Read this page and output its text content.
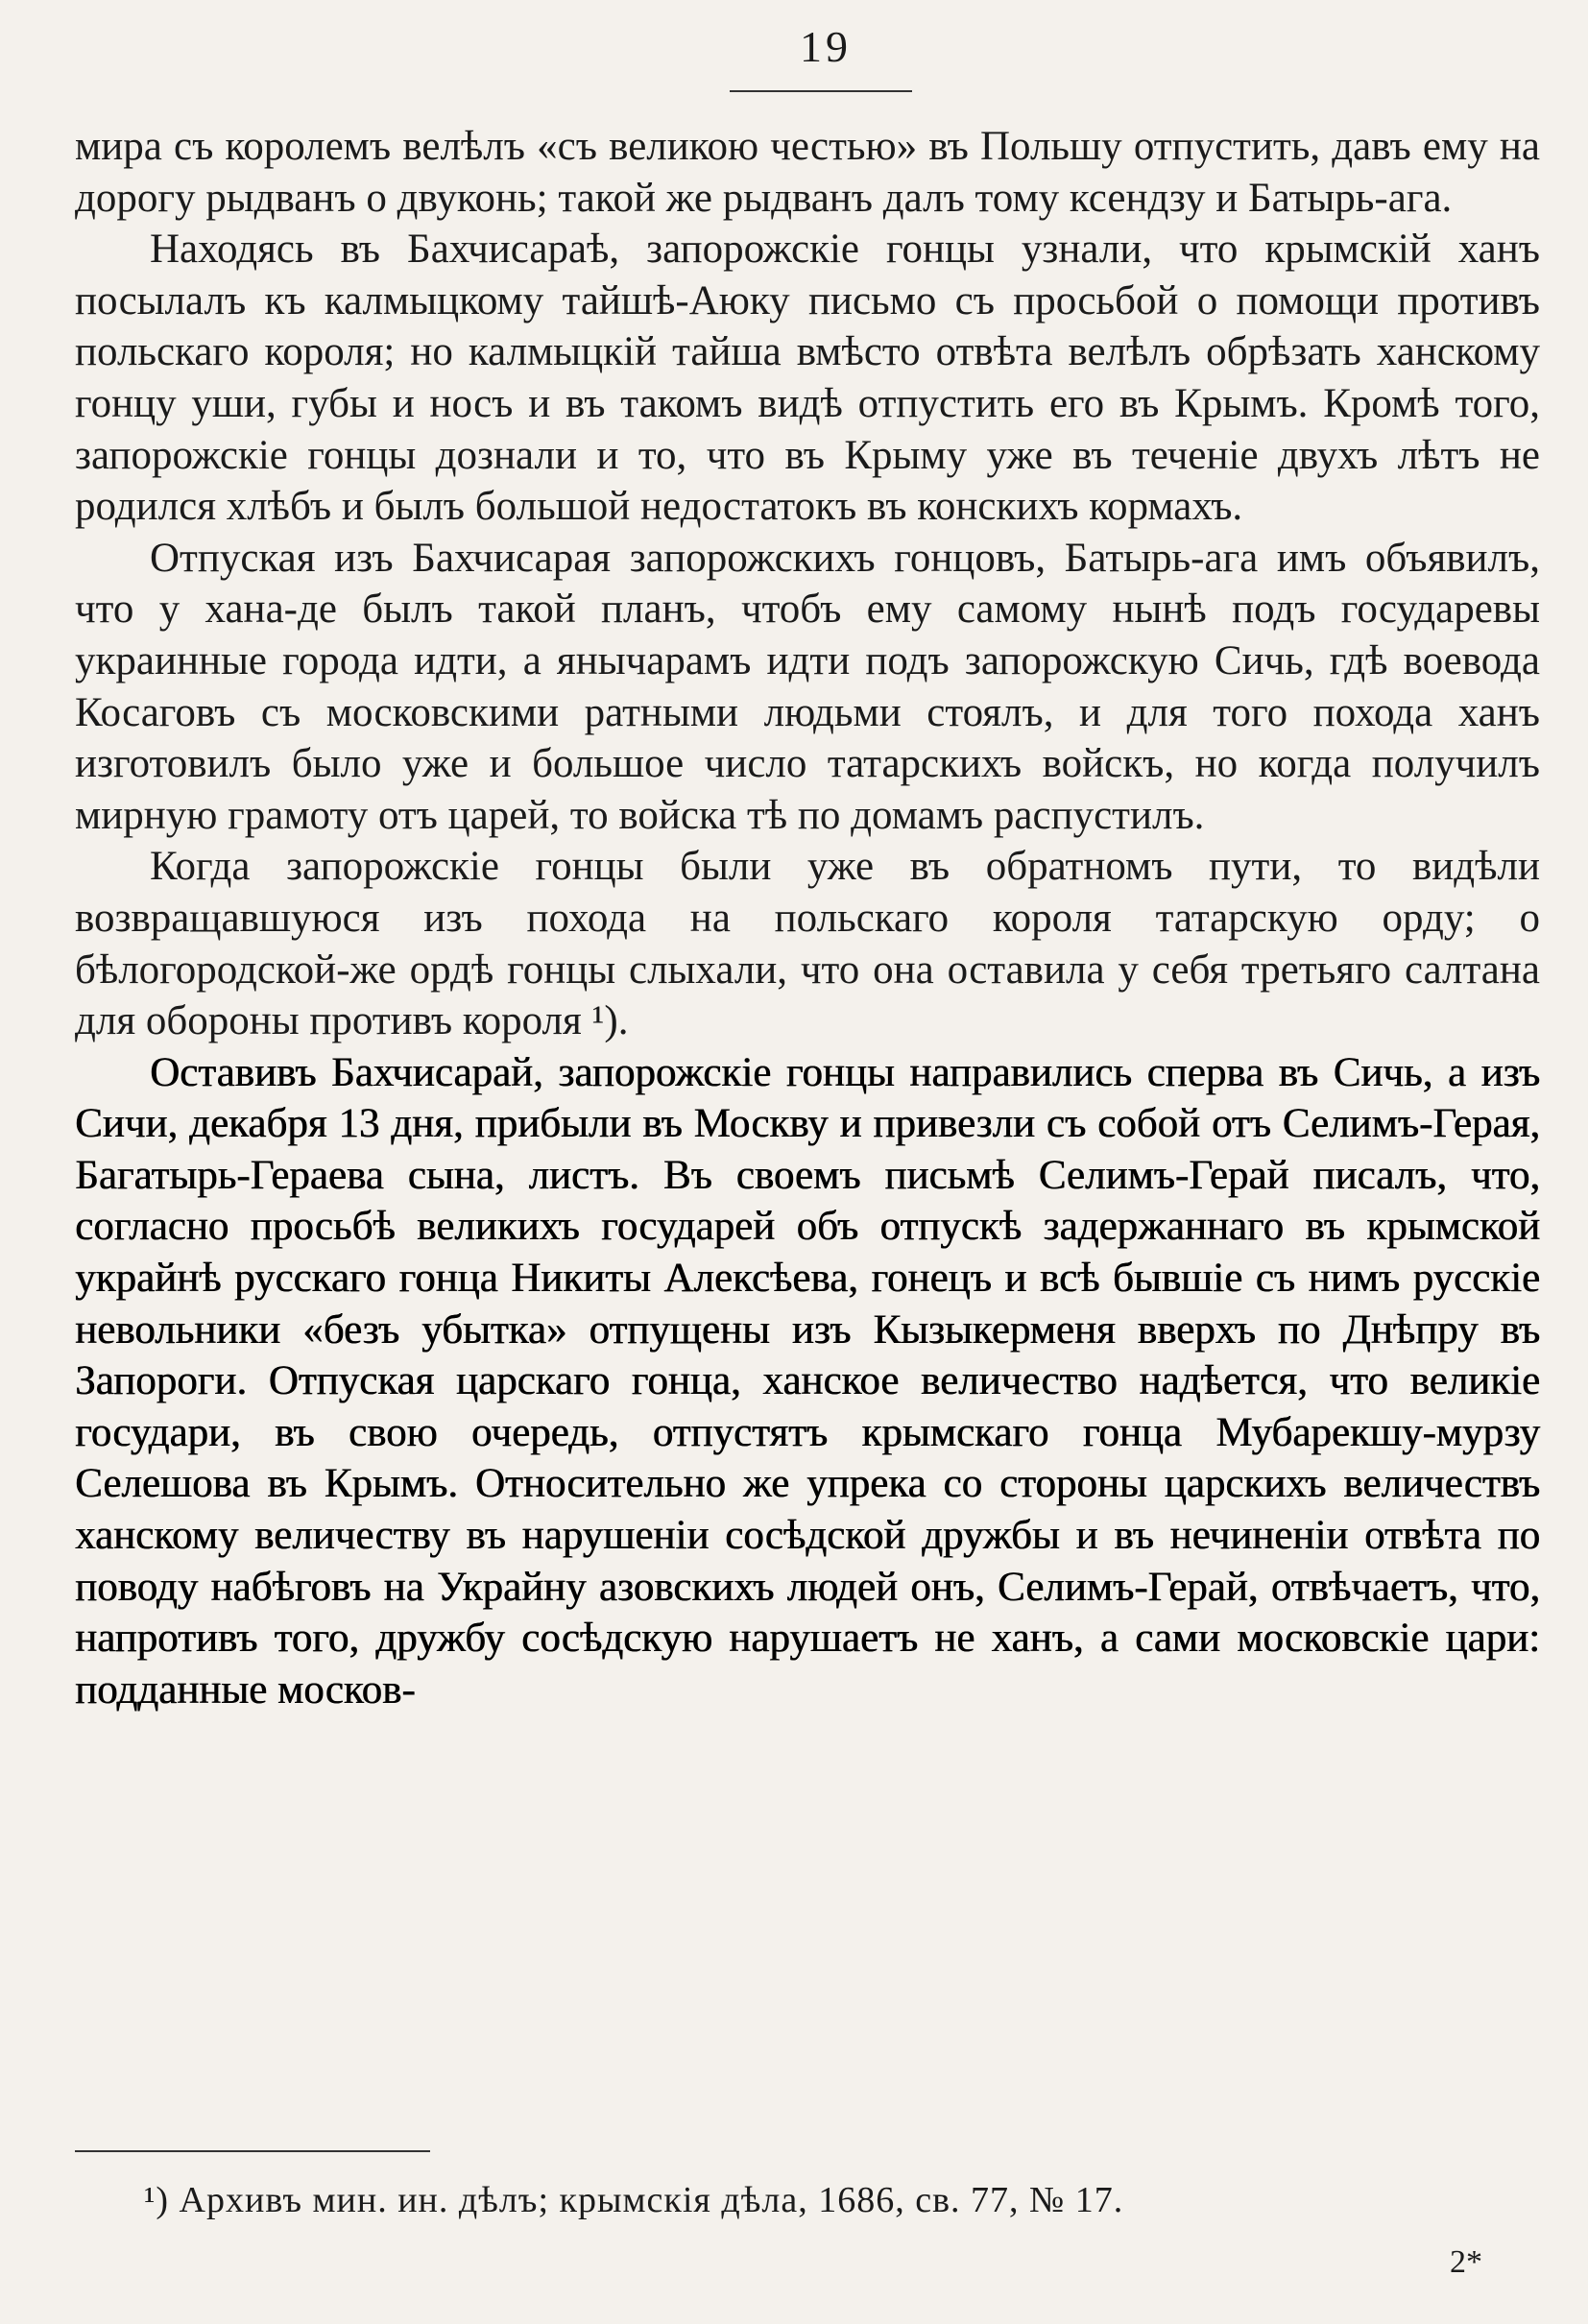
19

мира съ королемъ велѣлъ «съ великою честью» въ Польшу отпустить, давъ ему на дорогу рыдванъ о двуконь; такой же рыдванъ далъ тому ксендзу и Батырь-ага.

Находясь въ Бахчисараѣ, запорожскіе гонцы узнали, что крымскій ханъ посылалъ къ калмыцкому тайшѣ-Аюку письмо съ просьбой о помощи противъ польскаго короля; но калмыцкій тайша вмѣсто отвѣта велѣлъ обрѣзать ханскому гонцу уши, губы и носъ и въ такомъ видѣ отпустить его въ Крымъ. Кромѣ того, запорожскіе гонцы дознали и то, что въ Крыму уже въ теченіе двухъ лѣтъ не родился хлѣбъ и былъ большой недостатокъ въ конскихъ кормахъ.

Отпуская изъ Бахчисарая запорожскихъ гонцовъ, Батырь-ага имъ объявилъ, что у хана-де былъ такой планъ, чтобъ ему самому нынѣ подъ государевы украинные города идти, а янычарамъ идти подъ запорожскую Сичь, гдѣ воевода Косаговъ съ московскими ратными людьми стоялъ, и для того похода ханъ изготовилъ было уже и большое число татарскихъ войскъ, но когда получилъ мирную грамоту отъ царей, то войска тѣ по домамъ распустилъ.

Когда запорожскіе гонцы были уже въ обратномъ пути, то видѣли возвращавшуюся изъ похода на польскаго короля татарскую орду; о бѣлогородской-же ордѣ гонцы слыхали, что она оставила у себя третьяго салтана для обороны противъ короля ¹).

Оставивъ Бахчисарай, запорожскіе гонцы направились сперва въ Сичь, а изъ Сичи, декабря 13 дня, прибыли въ Москву и привезли съ собой отъ Селимъ-Герая, Багатырь-Гераева сына, листъ. Въ своемъ письмѣ Селимъ-Герай писалъ, что, согласно просьбѣ великихъ государей объ отпускѣ задержаннаго въ крымской украйнѣ русскаго гонца Никиты Алексѣева, гонецъ и всѣ бывшіе съ нимъ русскіе невольники «безъ убытка» отпущены изъ Кызыкерменя вверхъ по Днѣпру въ Запороги. Отпуская царскаго гонца, ханское величество надѣется, что великіе государи, въ свою очередь, отпустятъ крымскаго гонца Мубарекшу-мурзу Селешова въ Крымъ. Относительно же упрека со стороны царскихъ величествъ ханскому величеству въ нарушеніи сосѣдской дружбы и въ нечиненіи отвѣта по поводу набѣговъ на Украйну азовскихъ людей онъ, Селимъ-Герай, отвѣчаетъ, что, напротивъ того, дружбу сосѣдскую нарушаетъ не ханъ, а сами московскіе цари: подданные москов-

¹) Архивъ мин. ин. дѣлъ; крымскія дѣла, 1686, св. 77, № 17.
2*
